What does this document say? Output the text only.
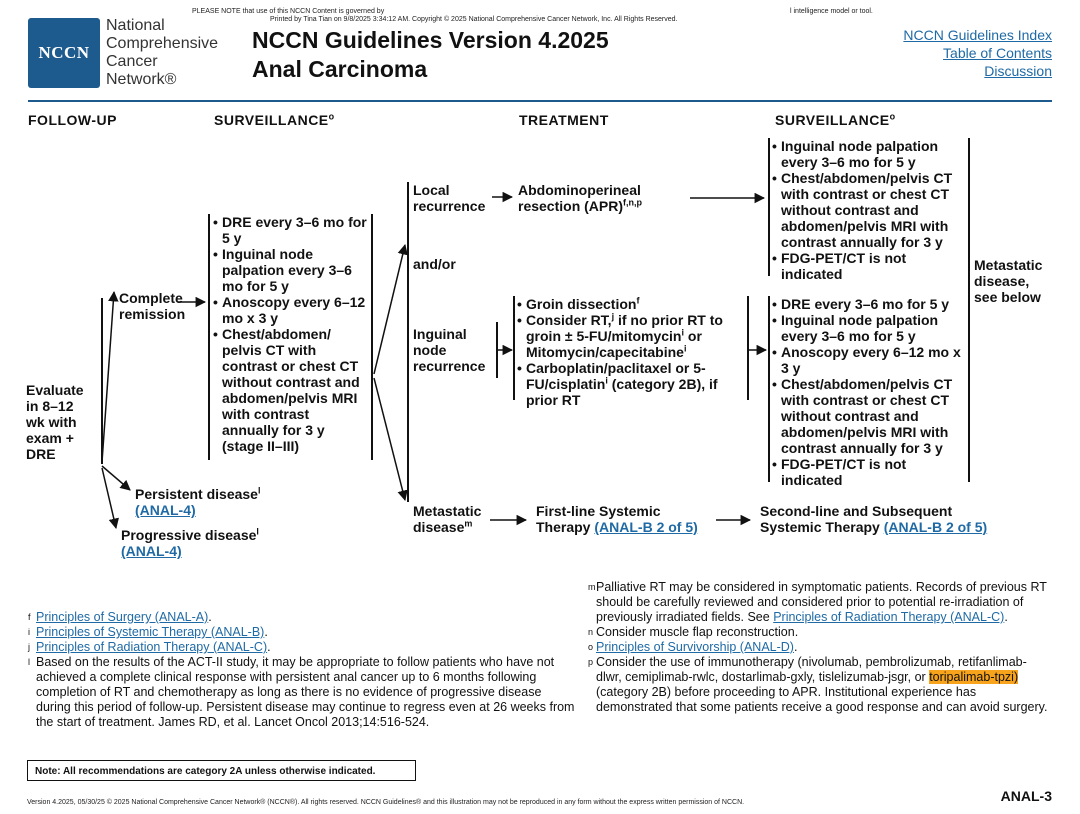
PLEASE NOTE that use of this NCCN Content is governed by	l intelligence model or tool.
Printed by Tina Tian on 9/8/2025 3:34:12 AM. Copyright © 2025 National Comprehensive Cancer Network, Inc. All Rights Reserved.
NCCN
National
Comprehensive
Cancer
Network®
NCCN Guidelines Version 4.2025
Anal Carcinoma
NCCN Guidelines Index
Table of Contents
Discussion
FOLLOW-UP	SURVEILLANCE$^o$	TREATMENT	SURVEILLANCE$^o$
Evaluate
in 8–12
wk with
exam +
DRE
Complete
remission
Persistent disease$^l$
(ANAL-4)
Progressive disease$^l$
(ANAL-4)
• DRE every 3–6 mo for 5 y
• Inguinal node palpation every 3–6 mo for 5 y
• Anoscopy every 6–12 mo x 3 y
• Chest/abdomen/ pelvis CT with contrast or chest CT without contrast and abdomen/pelvis MRI with contrast annually for 3 y (stage II–III)
Local
recurrence
and/or
Inguinal
node
recurrence
Metastatic
disease$^m$
Abdominoperineal
resection (APR)$^{f,n,p}$
• Groin dissection$^f$
• Consider RT,$^j$ if no prior RT to groin ± 5-FU/mitomycin$^i$ or Mitomycin/capecitabine$^i$
• Carboplatin/paclitaxel or 5-FU/cisplatin$^i$ (category 2B), if prior RT
First-line Systemic
Therapy (ANAL-B 2 of 5)
Second-line and Subsequent
Systemic Therapy (ANAL-B 2 of 5)
• Inguinal node palpation every 3–6 mo for 5 y
• Chest/abdomen/pelvis CT with contrast or chest CT without contrast and abdomen/pelvis MRI with contrast annually for 3 y
• FDG-PET/CT is not indicated
• DRE every 3–6 mo for 5 y
• Inguinal node palpation every 3–6 mo for 5 y
• Anoscopy every 6–12 mo x 3 y
• Chest/abdomen/pelvis CT with contrast or chest CT without contrast and abdomen/pelvis MRI with contrast annually for 3 y
• FDG-PET/CT is not indicated
Metastatic
disease,
see below
f Principles of Surgery (ANAL-A).
i Principles of Systemic Therapy (ANAL-B).
j Principles of Radiation Therapy (ANAL-C).
l Based on the results of the ACT-II study, it may be appropriate to follow patients who have not achieved a complete clinical response with persistent anal cancer up to 6 months following completion of RT and chemotherapy as long as there is no evidence of progressive disease during this period of follow-up. Persistent disease may continue to regress even at 26 weeks from the start of treatment. James RD, et al. Lancet Oncol 2013;14:516-524.
m Palliative RT may be considered in symptomatic patients. Records of previous RT should be carefully reviewed and considered prior to potential re-irradiation of previously irradiated fields. See Principles of Radiation Therapy (ANAL-C).
n Consider muscle flap reconstruction.
o Principles of Survivorship (ANAL-D).
p Consider the use of immunotherapy (nivolumab, pembrolizumab, retifanlimab-dlwr, cemiplimab-rwlc, dostarlimab-gxly, tislelizumab-jsgr, or toripalimab-tpzi) (category 2B) before proceeding to APR. Institutional experience has demonstrated that some patients receive a good response and can avoid surgery.
Note: All recommendations are category 2A unless otherwise indicated.
Version 4.2025, 05/30/25 © 2025 National Comprehensive Cancer Network® (NCCN®). All rights reserved. NCCN Guidelines® and this illustration may not be reproduced in any form without the express written permission of NCCN.	ANAL-3
